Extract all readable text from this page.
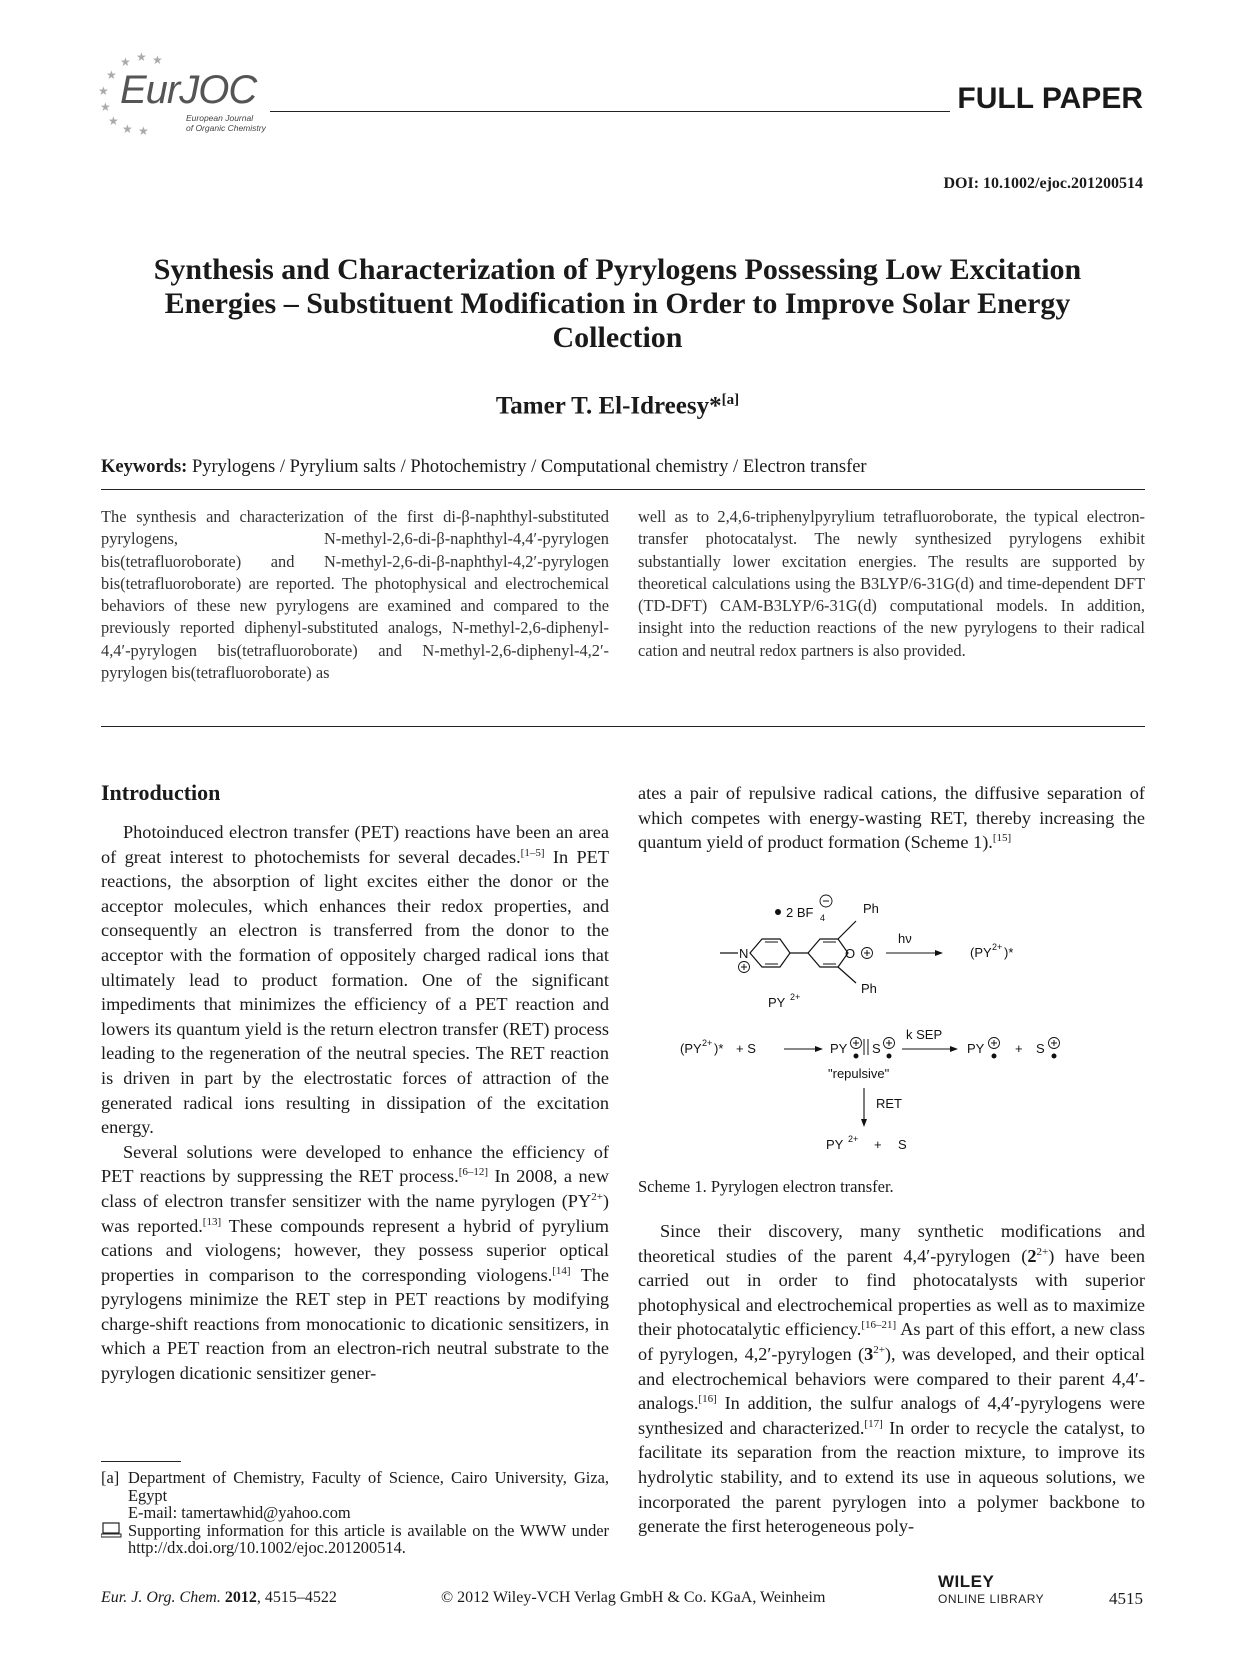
★ ★ ★
★
★
★
★
★ ★
EurJOC
European Journal
of Organic Chemistry
FULL PAPER
DOI: 10.1002/ejoc.201200514
Synthesis and Characterization of Pyrylogens Possessing Low Excitation Energies – Substituent Modification in Order to Improve Solar Energy Collection
Tamer T. El-Idreesy*[a]
Keywords: Pyrylogens / Pyrylium salts / Photochemistry / Computational chemistry / Electron transfer
The synthesis and characterization of the first di-β-naphthyl-substituted pyrylogens, N-methyl-2,6-di-β-naphthyl-4,4′-pyrylogen bis(tetrafluoroborate) and N-methyl-2,6-di-β-naphthyl-4,2′-pyrylogen bis(tetrafluoroborate) are reported. The photophysical and electrochemical behaviors of these new pyrylogens are examined and compared to the previously reported diphenyl-substituted analogs, N-methyl-2,6-diphenyl-4,4′-pyrylogen bis(tetrafluoroborate) and N-methyl-2,6-diphenyl-4,2′-pyrylogen bis(tetrafluoroborate) as
well as to 2,4,6-triphenylpyrylium tetrafluoroborate, the typical electron-transfer photocatalyst. The newly synthesized pyrylogens exhibit substantially lower excitation energies. The results are supported by theoretical calculations using the B3LYP/6-31G(d) and time-dependent DFT (TD-DFT) CAM-B3LYP/6-31G(d) computational models. In addition, insight into the reduction reactions of the new pyrylogens to their radical cation and neutral redox partners is also provided.
Introduction

Photoinduced electron transfer (PET) reactions have been an area of great interest to photochemists for several decades.[1–5] In PET reactions, the absorption of light excites either the donor or the acceptor molecules, which enhances their redox properties, and consequently an electron is transferred from the donor to the acceptor with the formation of oppositely charged radical ions that ultimately lead to product formation. One of the significant impediments that minimizes the efficiency of a PET reaction and lowers its quantum yield is the return electron transfer (RET) process leading to the regeneration of the neutral species. The RET reaction is driven in part by the electrostatic forces of attraction of the generated radical ions resulting in dissipation of the excitation energy.

Several solutions were developed to enhance the efficiency of PET reactions by suppressing the RET process.[6–12] In 2008, a new class of electron transfer sensitizer with the name pyrylogen $(PY^{2+})$ was reported.[13] These compounds represent a hybrid of pyrylium cations and viologens; however, they possess superior optical properties in comparison to the corresponding viologens.[14] The pyrylogens minimize the RET step in PET reactions by modifying charge-shift reactions from monocationic to dicationic sensitizers, in which a PET reaction from an electron-rich neutral substrate to the pyrylogen dicationic sensitizer gener-

ates a pair of repulsive radical cations, the diffusive separation of which competes with energy-wasting RET, thereby increasing the quantum yield of product formation (Scheme 1).[15]

2 BF 4
Ph
N	O
Ph
PY 2+
hν
(PY 2+ )*
(PY 2+ )* + S	PY S
k SEP
PY + S
"repulsive"
RET
PY 2+ + S
Scheme 1. Pyrylogen electron transfer.

Since their discovery, many synthetic modifications and theoretical studies of the parent 4,4′-pyrylogen $(2^{2+})$ have been carried out in order to find photocatalysts with superior photophysical and electrochemical properties as well as to maximize their photocatalytic efficiency.[16–21] As part of this effort, a new class of pyrylogen, 4,2′-pyrylogen $(3^{2+})$, was developed, and their optical and electrochemical behaviors were compared to their parent 4,4′-analogs.[16] In addition, the sulfur analogs of 4,4′-pyrylogens were synthesized and characterized.[17] In order to recycle the catalyst, to facilitate its separation from the reaction mixture, to improve its hydrolytic stability, and to extend its use in aqueous solutions, we incorporated the parent pyrylogen into a polymer backbone to generate the first heterogeneous poly-

[a] Department of Chemistry, Faculty of Science, Cairo University, Giza, Egypt
E-mail: tamertawhid@yahoo.com
Supporting information for this article is available on the WWW under http://dx.doi.org/10.1002/ejoc.201200514.
Eur. J. Org. Chem. 2012, 4515–4522	© 2012 Wiley-VCH Verlag GmbH & Co. KGaA, Weinheim
WILEY
ONLINE LIBRARY	4515
